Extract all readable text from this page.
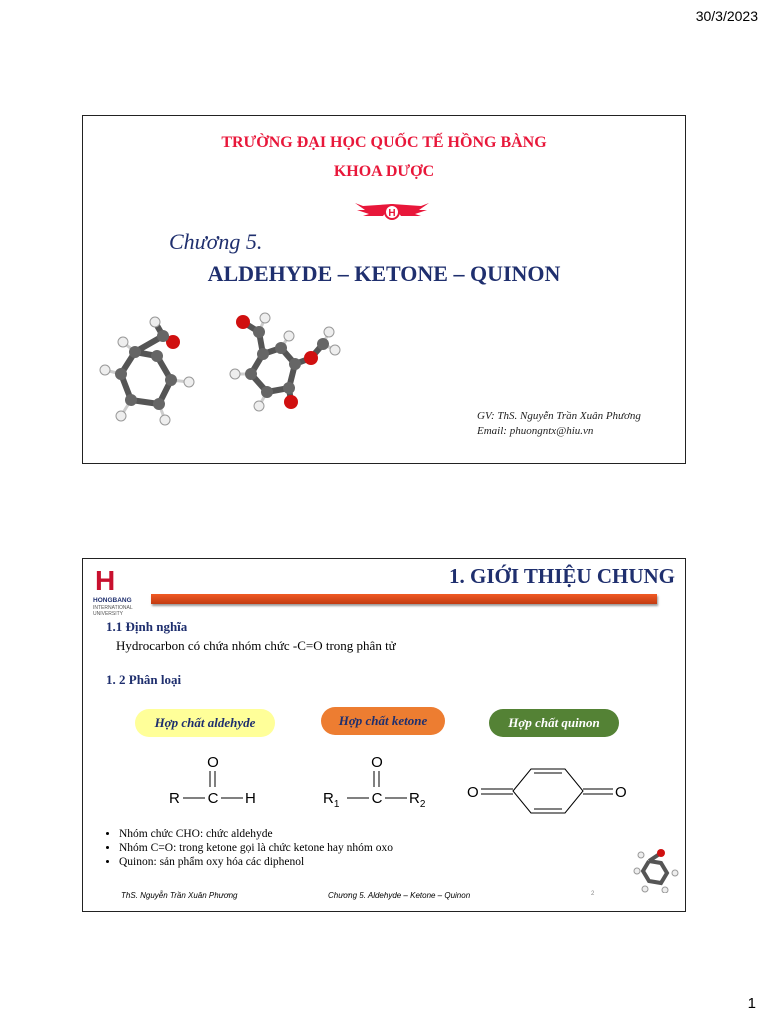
30/3/2023
TRƯỜNG ĐẠI HỌC QUỐC TẾ HỒNG BÀNG
KHOA DƯỢC
H
Chương 5.
ALDEHYDE – KETONE – QUINON
GV: ThS. Nguyễn Trần Xuân Phương
Email: phuongntx@hiu.vn
H
HONGBANG
INTERNATIONAL
UNIVERSITY
1. GIỚI THIỆU CHUNG
1.1 Định nghĩa
Hydrocarbon có chứa nhóm chức -C=O trong phân tử
1. 2 Phân loại
Hợp chất aldehyde	Hợp chất ketone	Hợp chất quinon
O
R C H
O
$R_1$ C $R_2$
O	O
• Nhóm chức CHO: chức aldehyde
• Nhóm C=O: trong ketone gọi là chức ketone hay nhóm oxo
• Quinon: sản phẩm oxy hóa các diphenol
ThS. Nguyễn Trần Xuân Phương	Chương 5. Aldehyde – Ketone – Quinon	2
1
